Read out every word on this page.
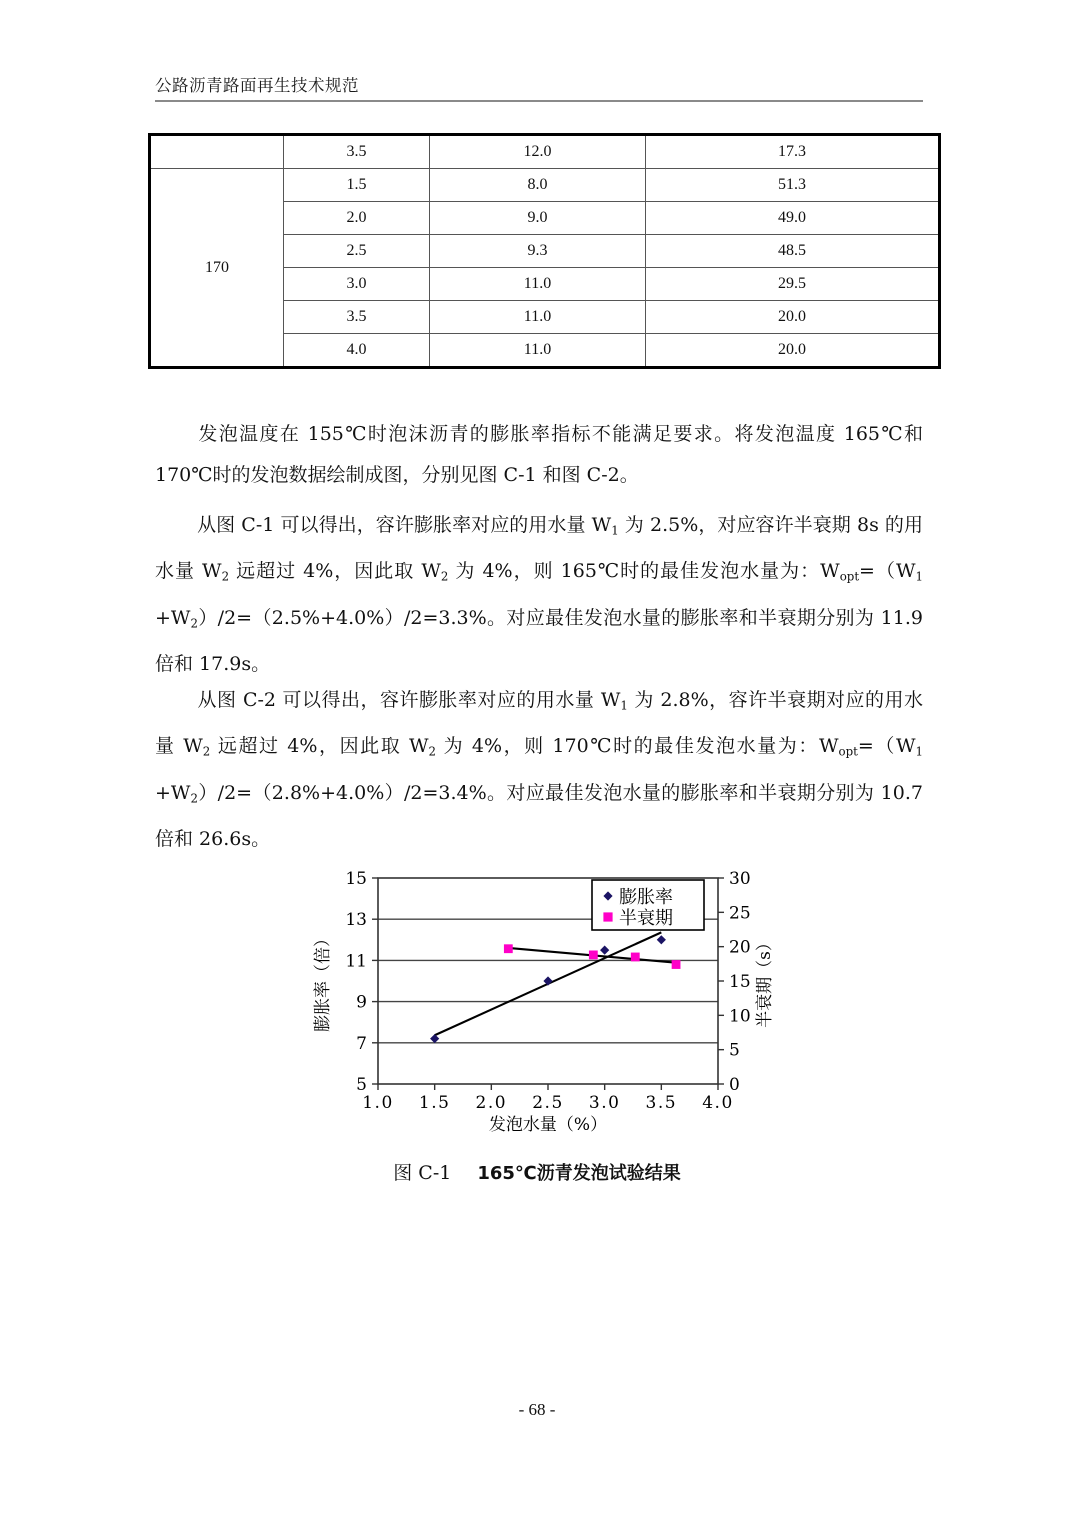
公路沥青路面再生技术规范
	3.5	12.0	17.3
170	1.5	8.0	51.3
	2.0	9.0	49.0
	2.5	9.3	48.5
	3.0	11.0	29.5
	3.5	11.0	20.0
	4.0	11.0	20.0
发泡温度在 155℃时泡沫沥青的膨胀率指标不能满足要求。将发泡温度 165℃和 170℃时的发泡数据绘制成图，分别见图 C-1 和图 C-2。
从图 C-1 可以得出，容许膨胀率对应的用水量 $W_1$ 为 2.5%，对应容许半衰期 8s 的用水量 $W_2$ 远超过 4%，因此取 $W_2$ 为 4%，则 165℃时的最佳发泡水量为：$W_{opt}=(W_1 +W_2)/2=(2.5\%+4.0\%)/2=3.3\%$。对应最佳发泡水量的膨胀率和半衰期分别为 11.9 倍和 17.9s。
从图 C-2 可以得出，容许膨胀率对应的用水量 $W_1$ 为 2.8%，容许半衰期对应的用水量 $W_2$ 远超过 4%，因此取 $W_2$ 为 4%，则 170℃时的最佳发泡水量为：$W_{opt}=(W_1 +W_2)/2=(2.8\%+4.0\%)/2=3.4\%$。对应最佳发泡水量的膨胀率和半衰期分别为 10.7 倍和 26.6s。
5
7
9
11
13
15
0
5
10
15
20
25
30
1.0 1.5 2.0 2.5 3.0 3.5 4.0
发泡水量（%）
膨胀率（倍）	半衰期（s）
膨胀率
半衰期
图 C-1 165℃沥青发泡试验结果
- 68 -
